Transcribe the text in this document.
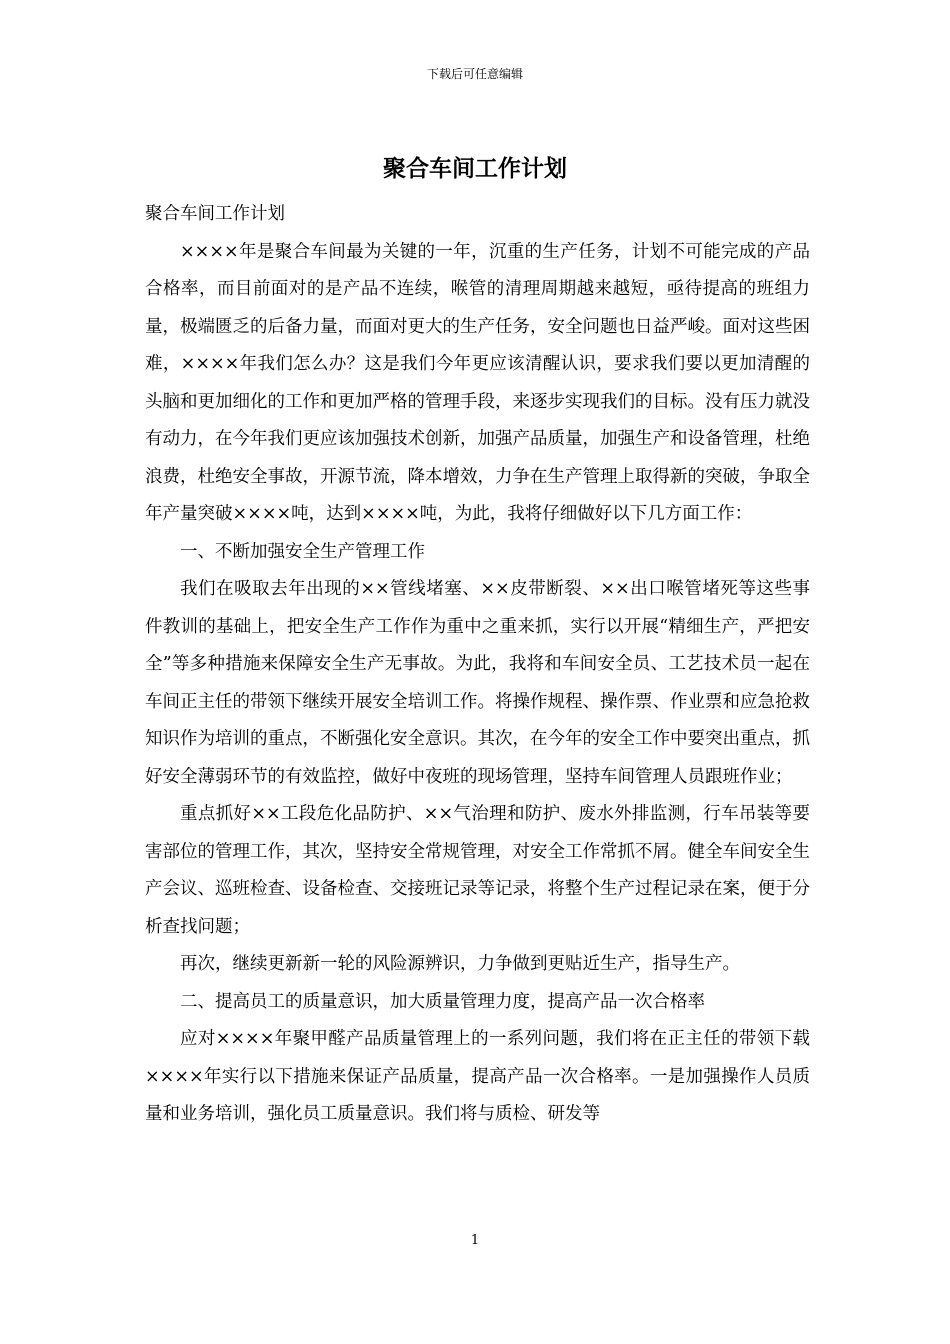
下载后可任意编辑
聚合车间工作计划

聚合车间工作计划

××××年是聚合车间最为关键的一年，沉重的生产任务，计划不可能完成的产品合格率，而目前面对的是产品不连续，喉管的清理周期越来越短，亟待提高的班组力量，极端匮乏的后备力量，而面对更大的生产任务，安全问题也日益严峻。面对这些困难，××××年我们怎么办？这是我们今年更应该清醒认识，要求我们要以更加清醒的头脑和更加细化的工作和更加严格的管理手段，来逐步实现我们的目标。没有压力就没有动力，在今年我们更应该加强技术创新，加强产品质量，加强生产和设备管理，杜绝浪费，杜绝安全事故，开源节流，降本增效，力争在生产管理上取得新的突破，争取全年产量突破××××吨，达到××××吨，为此，我将仔细做好以下几方面工作：

一、不断加强安全生产管理工作

我们在吸取去年出现的××管线堵塞、××皮带断裂、××出口喉管堵死等这些事件教训的基础上，把安全生产工作作为重中之重来抓，实行以开展“精细生产，严把安全”等多种措施来保障安全生产无事故。为此，我将和车间安全员、工艺技术员一起在车间正主任的带领下继续开展安全培训工作。将操作规程、操作票、作业票和应急抢救知识作为培训的重点，不断强化安全意识。其次，在今年的安全工作中要突出重点，抓好安全薄弱环节的有效监控，做好中夜班的现场管理，坚持车间管理人员跟班作业；

重点抓好××工段危化品防护、××气治理和防护、废水外排监测，行车吊装等要害部位的管理工作，其次，坚持安全常规管理，对安全工作常抓不屑。健全车间安全生产会议、巡班检查、设备检查、交接班记录等记录，将整个生产过程记录在案，便于分析查找问题；

再次，继续更新新一轮的风险源辨识，力争做到更贴近生产，指导生产。

二、提高员工的质量意识，加大质量管理力度，提高产品一次合格率

应对××××年聚甲醛产品质量管理上的一系列问题，我们将在正主任的带领下载××××年实行以下措施来保证产品质量，提高产品一次合格率。一是加强操作人员质量和业务培训，强化员工质量意识。我们将与质检、研发等

1
